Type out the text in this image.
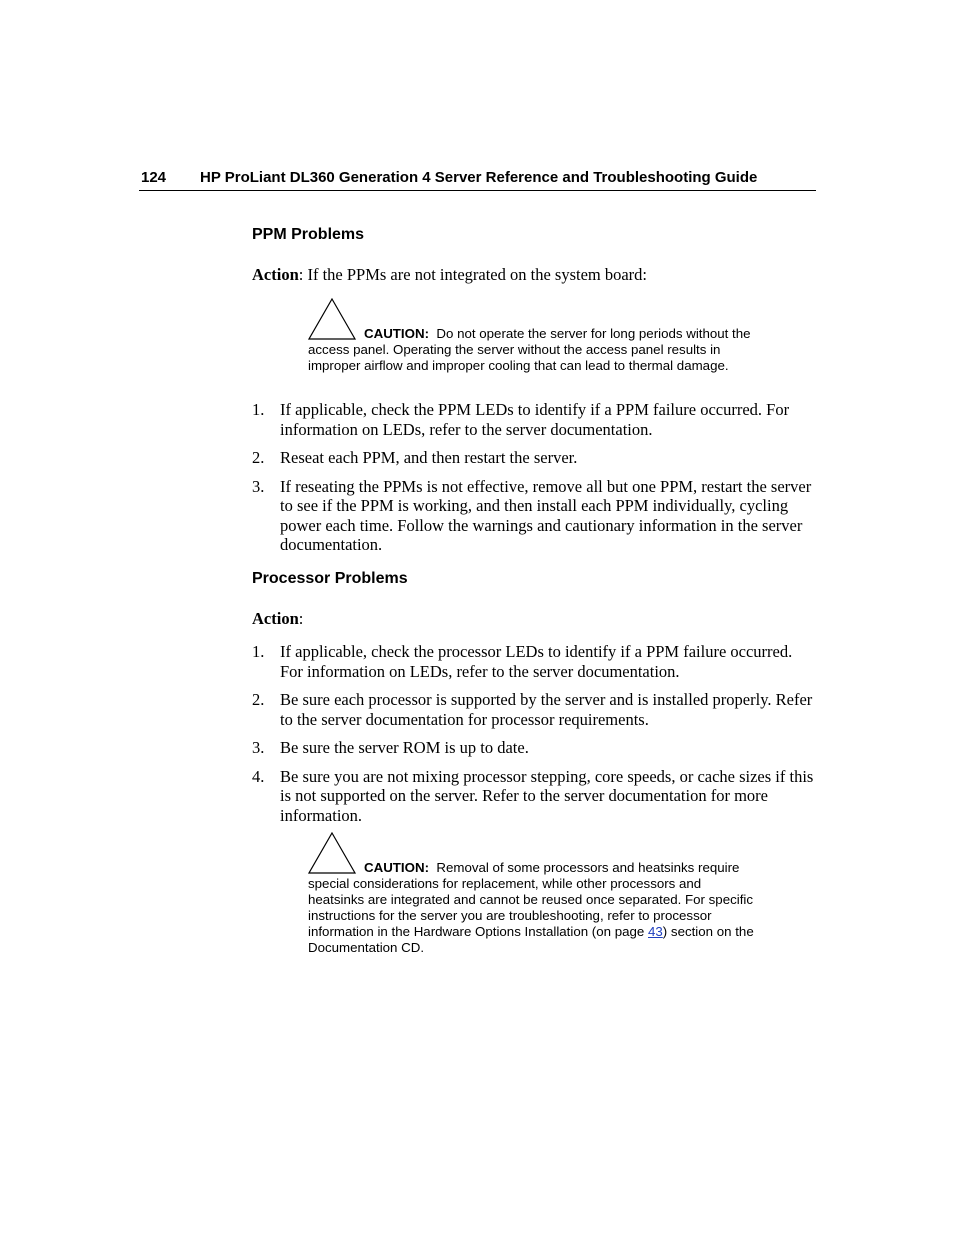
124 HP ProLiant DL360 Generation 4 Server Reference and Troubleshooting Guide
PPM Problems
Action: If the PPMs are not integrated on the system board:
CAUTION: Do not operate the server for long periods without the access panel. Operating the server without the access panel results in improper airflow and improper cooling that can lead to thermal damage.
1. If applicable, check the PPM LEDs to identify if a PPM failure occurred. For information on LEDs, refer to the server documentation.
2. Reseat each PPM, and then restart the server.
3. If reseating the PPMs is not effective, remove all but one PPM, restart the server to see if the PPM is working, and then install each PPM individually, cycling power each time. Follow the warnings and cautionary information in the server documentation.
Processor Problems
Action:
1. If applicable, check the processor LEDs to identify if a PPM failure occurred. For information on LEDs, refer to the server documentation.
2. Be sure each processor is supported by the server and is installed properly. Refer to the server documentation for processor requirements.
3. Be sure the server ROM is up to date.
4. Be sure you are not mixing processor stepping, core speeds, or cache sizes if this is not supported on the server. Refer to the server documentation for more information.
CAUTION: Removal of some processors and heatsinks require special considerations for replacement, while other processors and heatsinks are integrated and cannot be reused once separated. For specific instructions for the server you are troubleshooting, refer to processor information in the Hardware Options Installation (on page 43) section on the Documentation CD.
